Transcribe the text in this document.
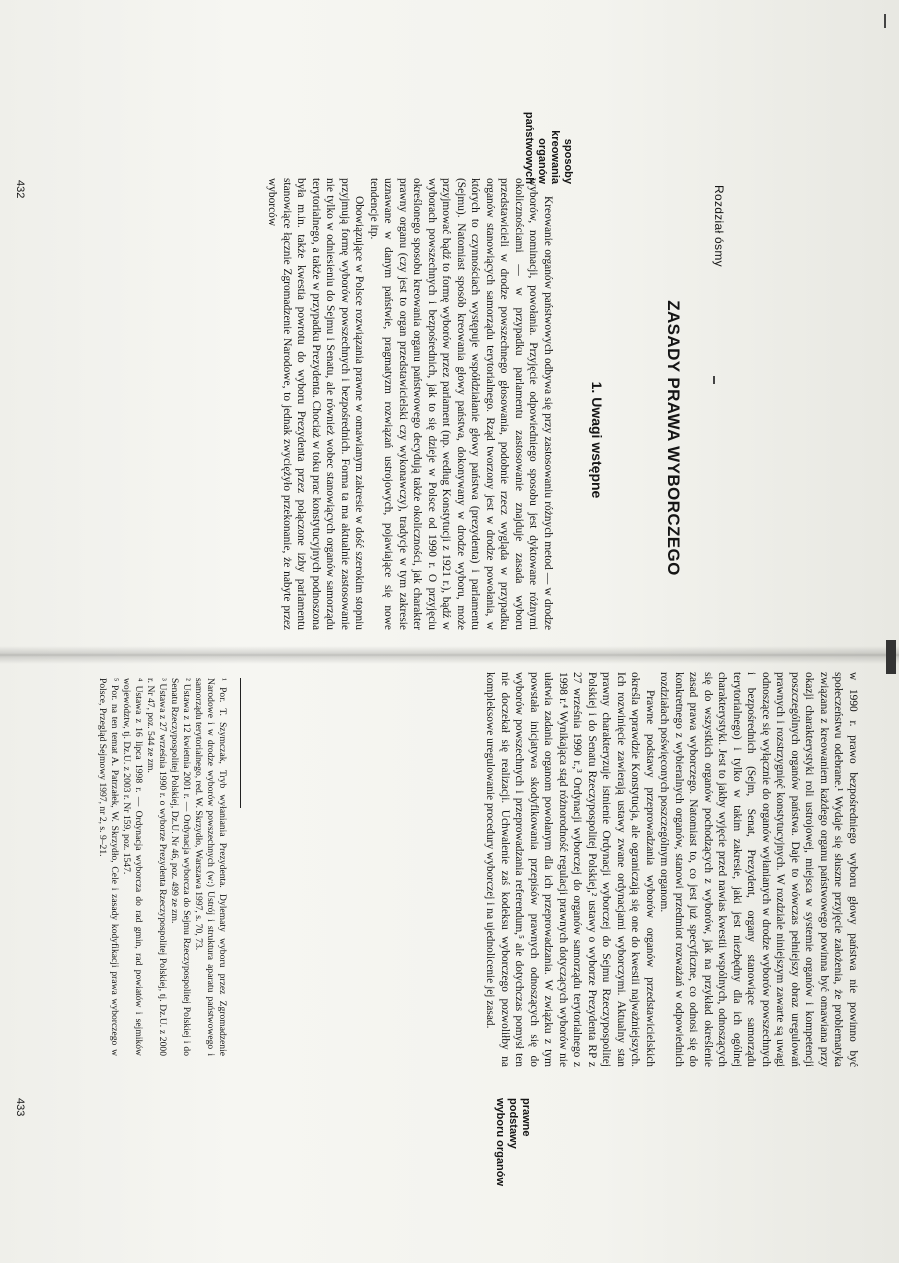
Rozdział ósmy
ZASADY PRAWA WYBORCZEGO
1. Uwagi wstępne

Kreowanie organów państwowych odbywa się przy zastosowaniu różnych metod — w drodze wyborów, nominacji, powołania. Przyjęcie odpowiedniego sposobu jest dyktowane różnymi okolicznościami — w przypadku parlamentu zastosowanie znajduje zasada wyboru przedstawicieli w drodze powszechnego głosowania, podobnie rzecz wygląda w przypadku organów stanowiących samorządu terytorialnego. Rząd tworzony jest w drodze powołania, w których to czynnościach występuje współdziałanie głowy państwa (prezydenta) i parlamentu (Sejmu). Natomiast sposób kreowania głowy państwa, dokonywany w drodze wyboru, może przyjmować bądź to formę wyborów przez parlament (np. według Konstytucji z 1921 r.), bądź w wyborach powszechnych i bezpośrednich, jak to się dzieje w Polsce od 1990 r. O przyjęciu określonego sposobu kreowania organu państwowego decydują także okoliczności, jak charakter prawny organu (czy jest to organ przedstawicielski czy wykonawczy), tradycje w tym zakresie uznawane w danym państwie, pragmatyzm rozwiązań ustrojowych, pojawiające się nowe tendencje itp.

Obowiązujące w Polsce rozwiązania prawne w omawianym zakresie w dość szerokim stopniu przyjmują formę wyborów powszechnych i bezpośrednich. Forma ta ma aktualnie zastosowanie nie tylko w odniesieniu do Sejmu i Senatu, ale również wobec stanowiących organów samorządu terytorialnego, a także w przypadku Prezydenta. Chociaż w toku prac konstytucyjnych podnoszona była m.in. także kwestia powrotu do wyboru Prezydenta przez połączone izby parlamentu stanowiące łącznie Zgromadzenie Narodowe, to jednak zwyciężyło przekonanie, że nabyte przez wyborców

sposoby kreowania organów państwowych
432

w 1990 r. prawo bezpośredniego wyboru głowy państwa nie powinno być społeczeństwu odebrane.¹ Wydaje się słuszne przyjęcie założenia, że problematyka związana z kreowaniem każdego organu państwowego powinna być omawiana przy okazji charakterystyki roli ustrojowej, miejsca w systemie organów i kompetencji poszczególnych organów państwa. Daje to wówczas pełniejszy obraz uregulowań prawnych i rozstrzygnięć konstytucyjnych. W rozdziale niniejszym zawarte są uwagi odnoszące się wyłącznie do organów wyłanianych w drodze wyborów powszechnych i bezpośrednich (Sejm, Senat, Prezydent, organy stanowiące samorządu terytorialnego) i tylko w takim zakresie, jaki jest niezbędny dla ich ogólnej charakterystyki. Jest to jakby wyjęcie przed nawias kwestii wspólnych, odnoszących się do wszystkich organów pochodzących z wyborów, jak na przykład określenie zasad prawa wyborczego. Natomiast to, co jest już specyficzne, co odnosi się do konkretnego z wybieralnych organów, stanowi przedmiot rozważań w odpowiednich rozdziałach poświęconych poszczególnym organom.

Prawne podstawy przeprowadzania wyborów organów przedstawicielskich określa wprawdzie Konstytucja, ale ograniczają się one do kwestii najważniejszych. Ich rozwinięcie zawierają ustawy zwane ordynacjami wyborczymi. Aktualny stan prawny charakteryzuje istnienie Ordynacji wyborczej do Sejmu Rzeczypospolitej Polskiej i do Senatu Rzeczypospolitej Polskiej,² ustawy o wyborze Prezydenta RP z 27 września 1990 r.,³ Ordynacji wyborczej do organów samorządu terytorialnego z 1998 r.⁴ Wynikająca stąd różnorodność regulacji prawnych dotyczących wyborów nie ułatwia zadania organom powołanym dla ich przeprowadzania. W związku z tym powstała inicjatywa skodyfikowania przepisów prawnych odnoszących się do wyborów powszechnych i przeprowadzania referendum,⁵ ale dotychczas pomysł ten nie doczekał się realizacji. Uchwalenie zaś kodeksu wyborczego pozwoliłby na kompleksowe uregulowanie procedury wyborczej i na ujednolicenie jej zasad.

¹ Por. T. Szymczak, Tryb wyłaniania Prezydenta. Dylematy wyboru przez Zgromadzenie Narodowe i w drodze wyborów powszechnych (w:) Ustrój i struktura aparatu państwowego i samorządu terytorialnego, red. W. Skrzydło, Warszawa 1997, s. 70, 73.
² Ustawa z 12 kwietnia 2001 r. — Ordynacja wyborcza do Sejmu Rzeczypospolitej Polskiej i do Senatu Rzeczypospolitej Polskiej, Dz.U. Nr 46, poz. 499 ze zm.
³ Ustawa z 27 września 1990 r. o wyborze Prezydenta Rzeczypospolitej Polskiej, tj. Dz.U. z 2000 r. Nr 47, poz. 544 ze zm.
⁴ Ustawa z 16 lipca 1998 r. — Ordynacja wyborcza do rad gmin, rad powiatów i sejmików województw, tj. Dz.U. z 2003 r. Nr 159, poz. 1547.
⁵ Por. na ten temat A. Patrzałek, W. Skrzydło, Cele i zasady kodyfikacji prawa wyborczego w Polsce, Przegląd Sejmowy 1997, nr 2, s. 9–21.
prawne podstawy wyboru organów
433
